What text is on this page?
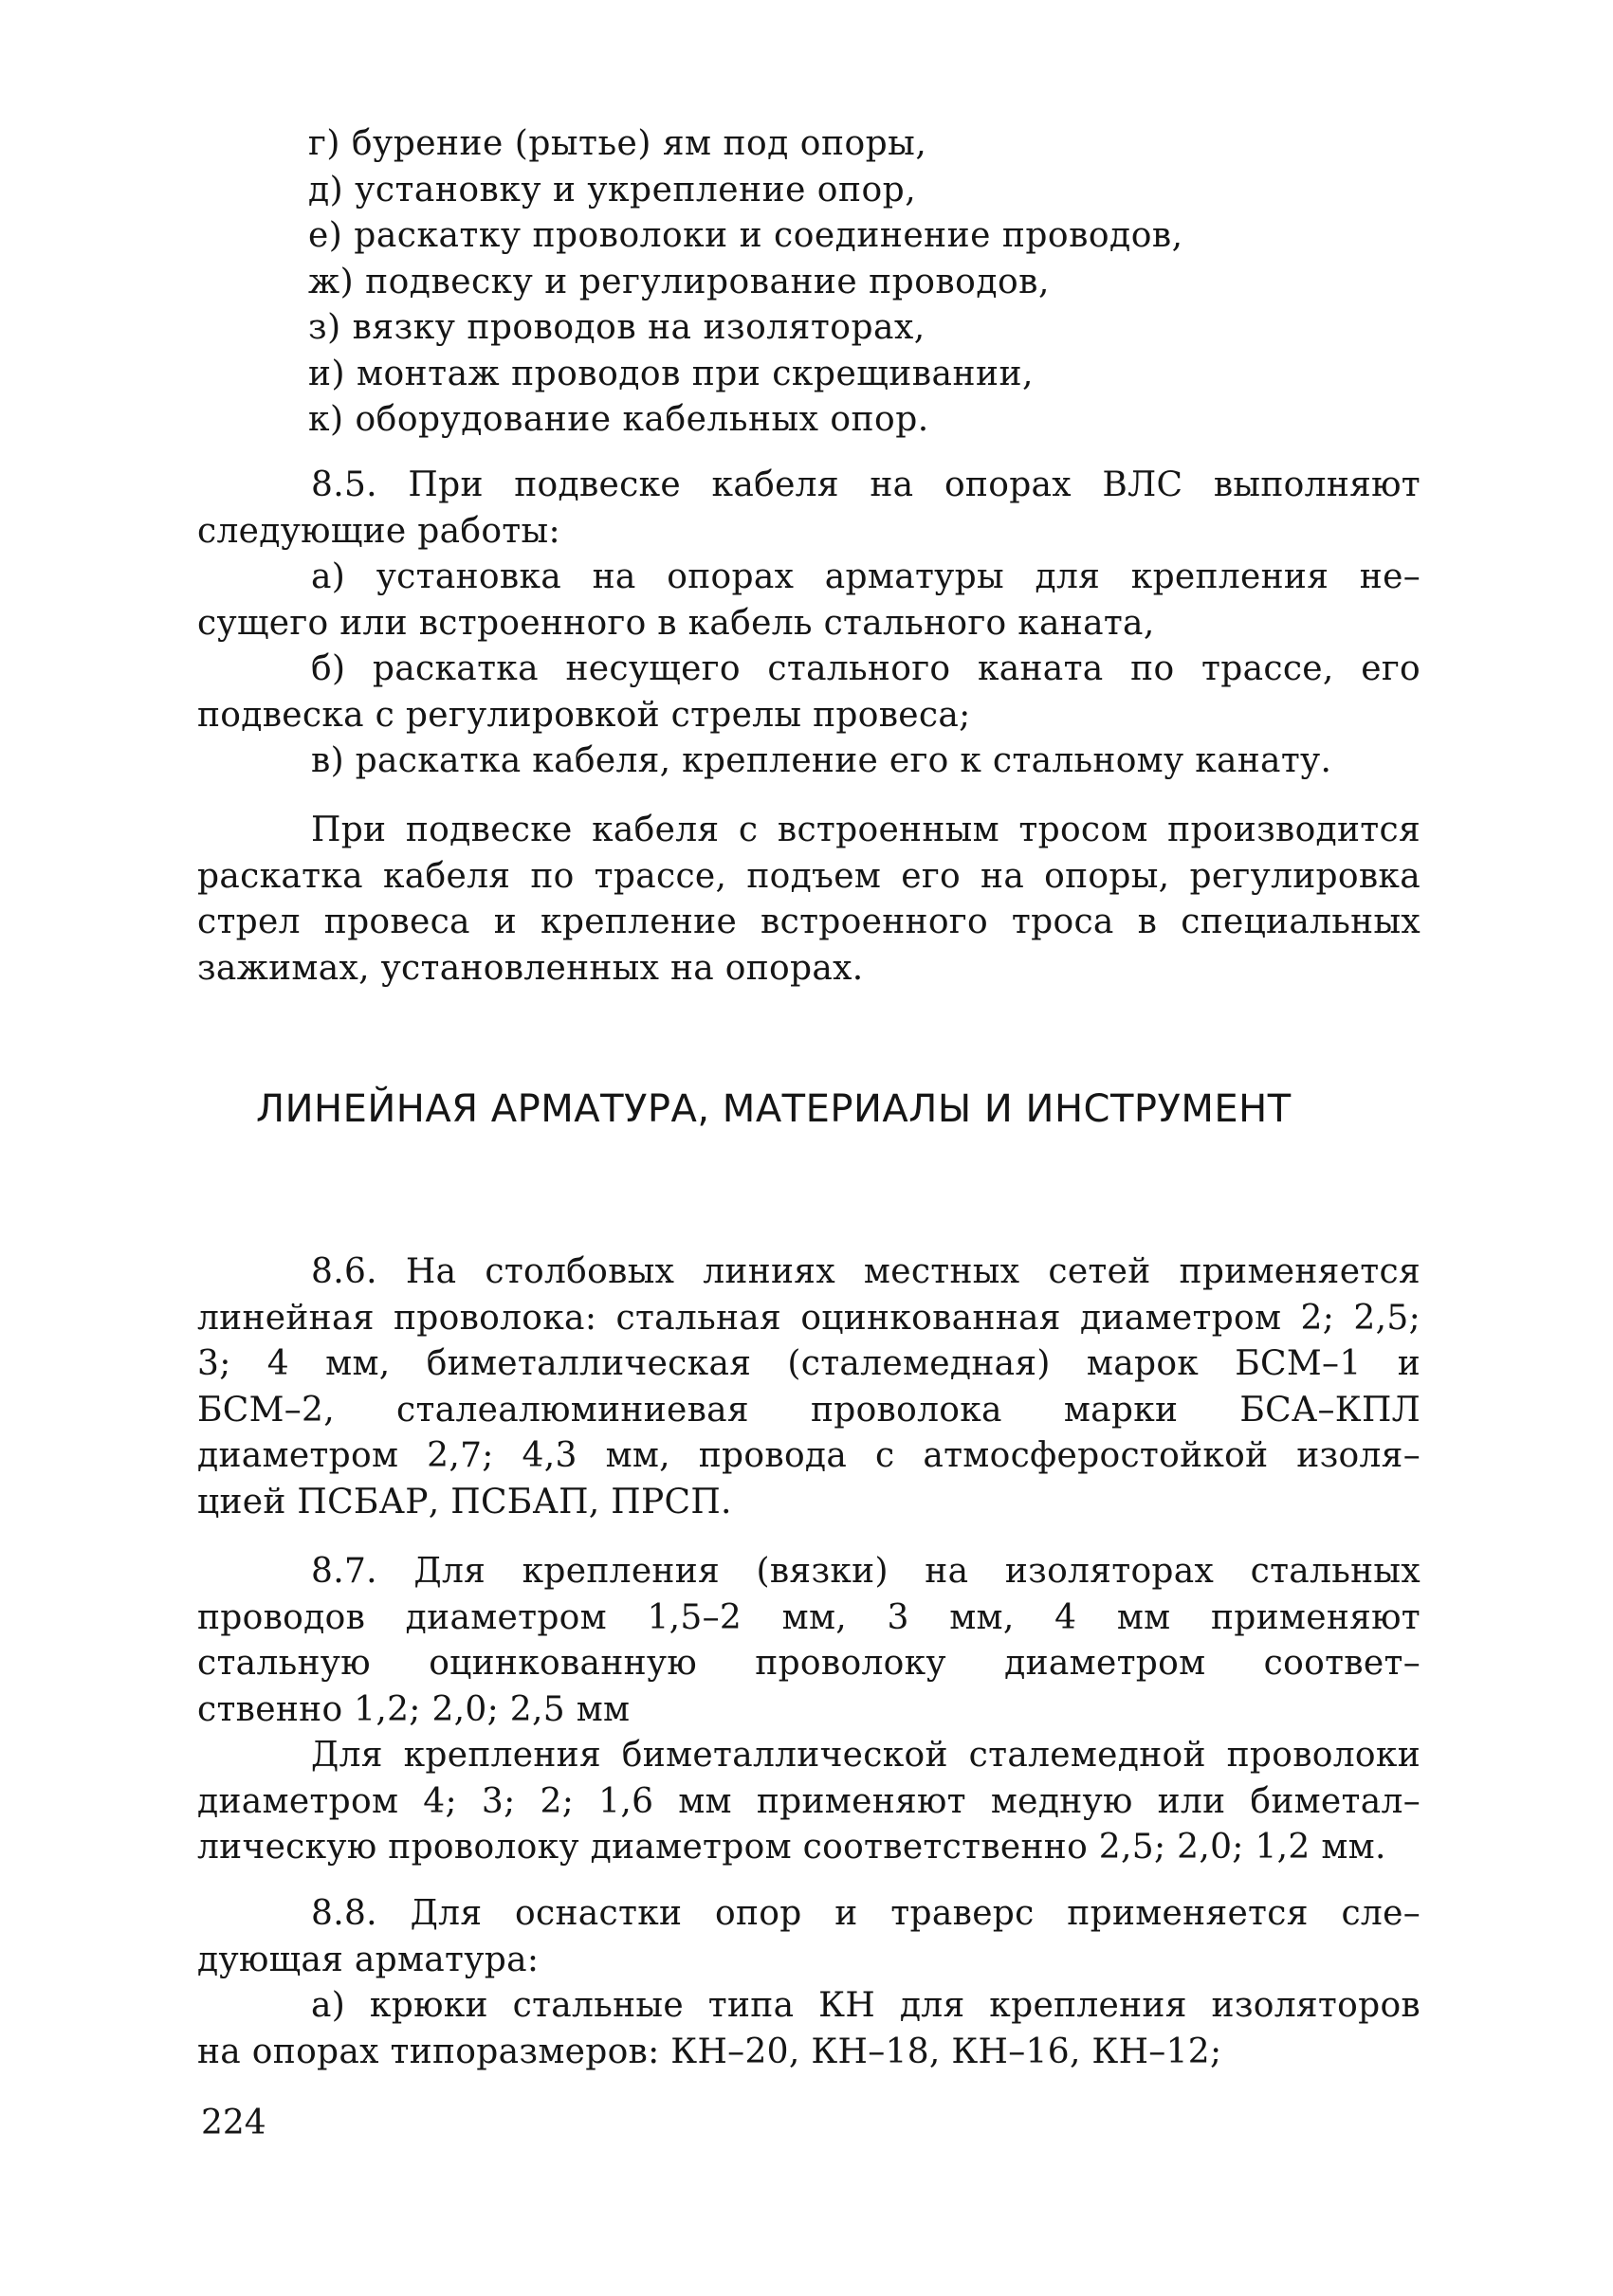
г) бурение (рытье) ям под опоры,
д) установку и укрепление опор,
е) раскатку проволоки и соединение проводов,
ж) подвеску и регулирование проводов,
з) вязку проводов на изоляторах,
и) монтаж проводов при скрещивании,
к) оборудование кабельных опор.
8.5. При подвеске кабеля на опорах ВЛС выполняют
следующие работы:
а) установка на опорах арматуры для крепления не–
сущего или встроенного в кабель стального каната,
б) раскатка несущего стального каната по трассе, его
подвеска с регулировкой стрелы провеса;
в) раскатка кабеля, крепление его к стальному канату.
При подвеске кабеля с встроенным тросом производится
раскатка кабеля по трассе, подъем его на опоры, регулировка
стрел провеса и крепление встроенного троса в специальных
зажимах, установленных на опорах.
ЛИНЕЙНАЯ АРМАТУРА, МАТЕРИАЛЫ И ИНСТРУМЕНТ
8.6. На столбовых линиях местных сетей применяется
линейная проволока: стальная оцинкованная диаметром 2; 2,5;
3; 4 мм, биметаллическая (сталемедная) марок БСМ–1 и
БСМ–2, сталеалюминиевая проволока марки БСА–КПЛ
диаметром 2,7; 4,3 мм, провода с атмосферостойкой изоля–
цией ПСБАР, ПСБАП, ПРСП.
8.7. Для крепления (вязки) на изоляторах стальных
проводов диаметром 1,5–2 мм, 3 мм, 4 мм применяют
стальную оцинкованную проволоку диаметром соответ–
ственно 1,2; 2,0; 2,5 мм
Для крепления биметаллической сталемедной проволоки
диаметром 4; 3; 2; 1,6 мм применяют медную или биметал–
лическую проволоку диаметром соответственно 2,5; 2,0; 1,2 мм.
8.8. Для оснастки опор и траверс применяется сле–
дующая арматура:
а) крюки стальные типа КН для крепления изоляторов
на опорах типоразмеров: КН–20, КН–18, КН–16, КН–12;
224
